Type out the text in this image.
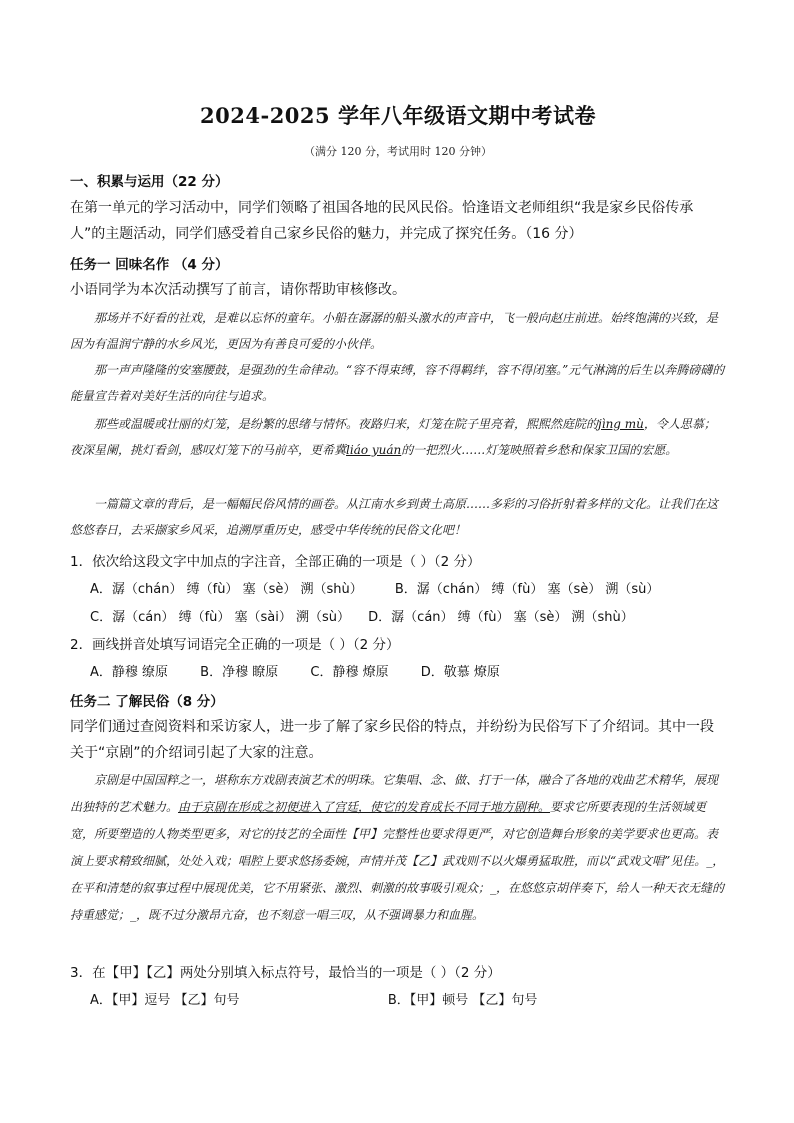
2024-2025 学年八年级语文期中考试卷
（满分 120 分，考试用时 120 分钟）
一、积累与运用（22 分）
在第一单元的学习活动中，同学们领略了祖国各地的民风民俗。恰逢语文老师组织“我是家乡民俗传承人”的主题活动，同学们感受着自己家乡民俗的魅力，并完成了探究任务。（16 分）
任务一 回味名作 （4 分）
小语同学为本次活动撰写了前言，请你帮助审核修改。
那场并不好看的社戏，是难以忘怀的童年。小船在潺潺的船头激水的声音中，飞一般向赵庄前进。始终饱满的兴致，是因为有温润宁静的水乡风光，更因为有善良可爱的小伙伴。
那一声声隆隆的安塞腰鼓，是强劲的生命律动。“容不得束缚，容不得羁绊，容不得闭塞。”元气淋漓的后生以奔腾磅礴的能量宣告着对美好生活的向往与追求。
那些或温暖或壮丽的灯笼，是纷繁的思绪与情怀。夜路归来，灯笼在院子里亮着，熙熙然庭院的jìng mù，令人思慕；夜深星阑，挑灯看剑，感叹灯笼下的马前卒，更希冀liáo yuán的一把烈火……灯笼映照着乡愁和保家卫国的宏愿。
一篇篇文章的背后，是一幅幅民俗风情的画卷。从江南水乡到黄土高原……多彩的习俗折射着多样的文化。让我们在这悠悠春日，去采撷家乡风采，追溯厚重历史，感受中华传统的民俗文化吧！
1．依次给这段文字中加点的字注音，全部正确的一项是（ ）（2 分）
A．潺（chán） 缚（fù） 塞（sè） 溯（shù） B．潺（chán） 缚（fù） 塞（sè） 溯（sù）
C．潺（cán） 缚（fù） 塞（sài） 溯（sù） D．潺（cán） 缚（fù） 塞（sè） 溯（shù）
2．画线拼音处填写词语完全正确的一项是（ ）（2 分）
A．静穆 缭原 B．净穆 瞭原 C．静穆 燎原 D．敬慕 燎原
任务二 了解民俗（8 分）
同学们通过查阅资料和采访家人，进一步了解了家乡民俗的特点，并纷纷为民俗写下了介绍词。其中一段关于“京剧”的介绍词引起了大家的注意。
京剧是中国国粹之一，堪称东方戏剧表演艺术的明珠。它集唱、念、做、打于一体，融合了各地的戏曲艺术精华，展现出独特的艺术魅力。由于京剧在形成之初便进入了宫廷，使它的发育成长不同于地方剧种。要求它所要表现的生活领域更宽，所要塑造的人物类型更多，对它的技艺的全面性【甲】完整性也要求得更严，对它创造舞台形象的美学要求也更高。表演上要求精致细腻，处处入戏；唱腔上要求悠扬委婉，声情并茂【乙】武戏则不以火爆勇猛取胜，而以“武戏文唱”见佳。_，在平和清楚的叙事过程中展现优美，它不用紧张、激烈、刺激的故事吸引观众；_，在悠悠京胡伴奏下，给人一种天衣无缝的持重感觉；_，既不过分激昂亢奋，也不刻意一唱三叹，从不强调暴力和血腥。
3．在【甲】【乙】两处分别填入标点符号，最恰当的一项是（ ）（2 分）
A．【甲】逗号 【乙】句号	B．【甲】顿号 【乙】句号
